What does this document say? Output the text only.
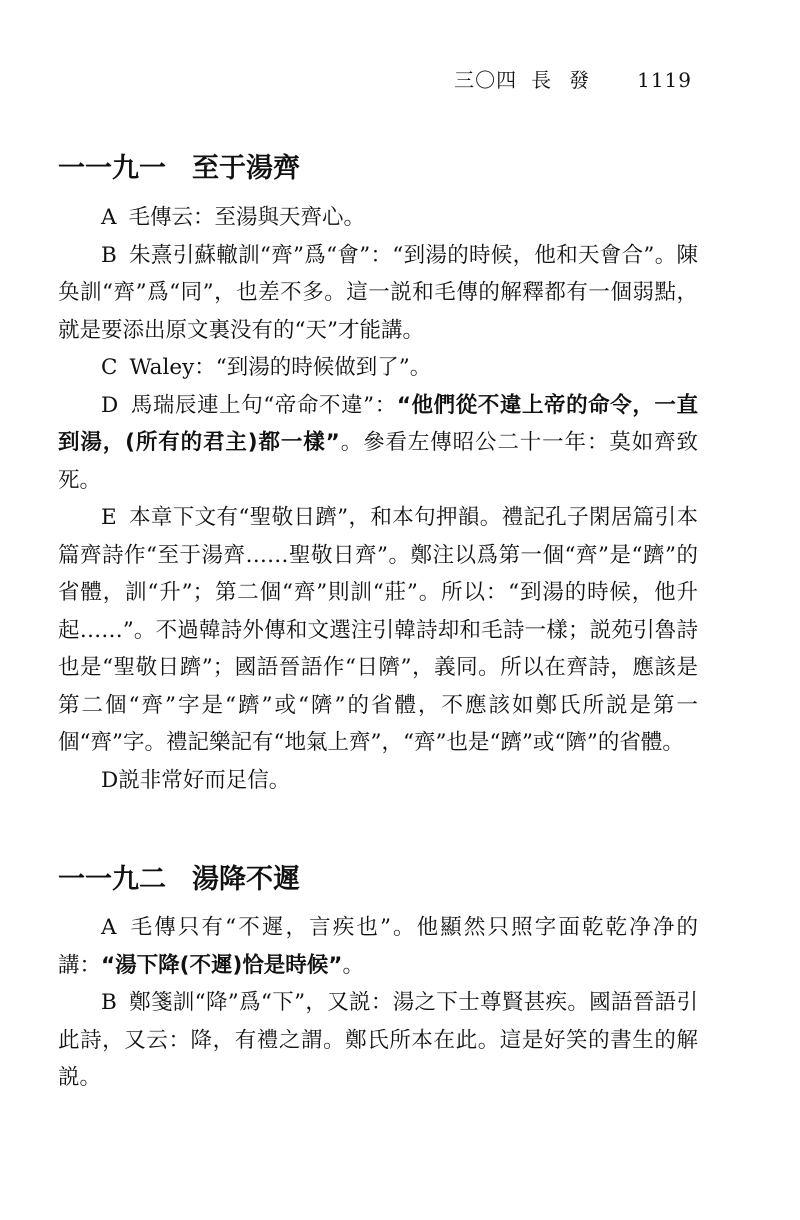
三〇四 長發 1119
一一九一 至于湯齊

A 毛傳云：至湯與天齊心。

B 朱熹引蘇轍訓“齊”爲“會”：“到湯的時候，他和天會合”。陳奂訓“齊”爲“同”，也差不多。這一説和毛傳的解釋都有一個弱點，就是要添出原文裏没有的“天”才能講。

C Waley：“到湯的時候做到了”。

D 馬瑞辰連上句“帝命不違”：“他們從不違上帝的命令，一直到湯，(所有的君主)都一樣”。參看左傳昭公二十一年：莫如齊致死。

E 本章下文有“聖敬日躋”，和本句押韻。禮記孔子閑居篇引本篇齊詩作“至于湯齊……聖敬日齊”。鄭注以爲第一個“齊”是“躋”的省體，訓“升”；第二個“齊”則訓“莊”。所以：“到湯的時候，他升起……”。不過韓詩外傳和文選注引韓詩却和毛詩一樣；説苑引魯詩也是“聖敬日躋”；國語晉語作“日隮”，義同。所以在齊詩，應該是第二個“齊”字是“躋”或“隮”的省體，不應該如鄭氏所説是第一個“齊”字。禮記樂記有“地氣上齊”，“齊”也是“躋”或“隮”的省體。

D説非常好而足信。

一一九二 湯降不遲

A 毛傳只有“不遲，言疾也”。他顯然只照字面乾乾净净的講：“湯下降(不遲)恰是時候”。

B 鄭箋訓“降”爲“下”，又説：湯之下士尊賢甚疾。國語晉語引此詩，又云：降，有禮之謂。鄭氏所本在此。這是好笑的書生的解説。
